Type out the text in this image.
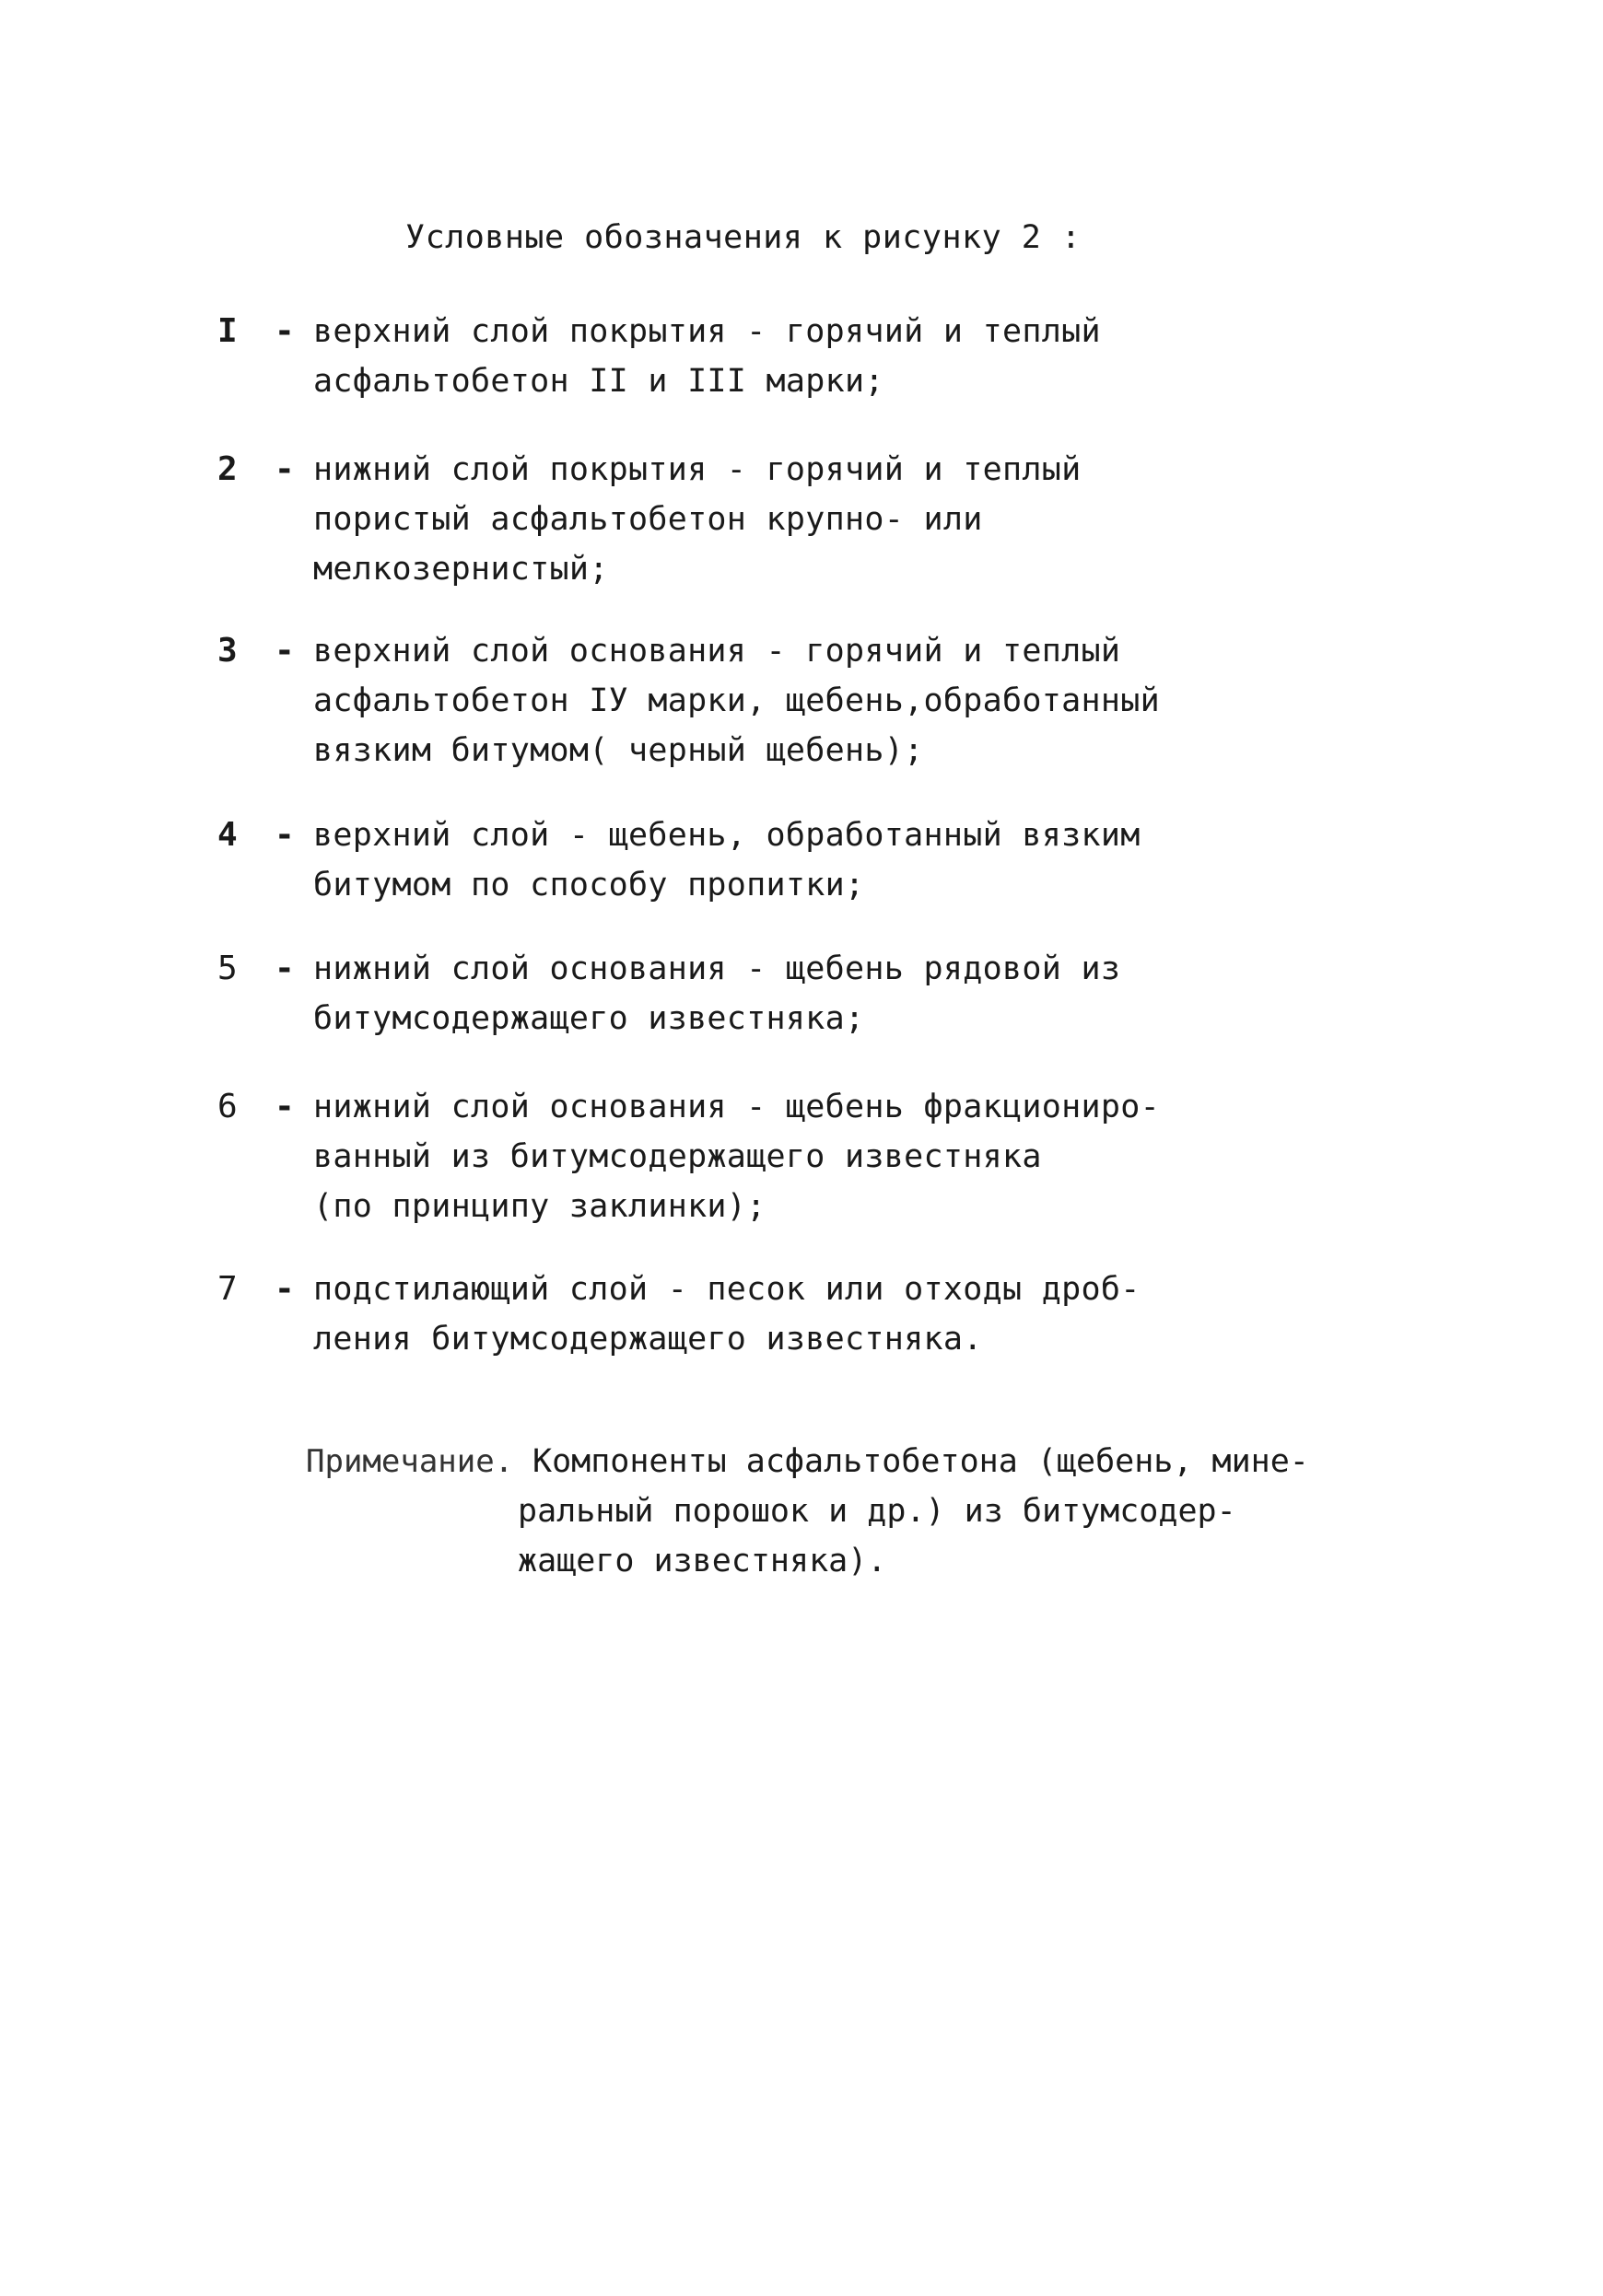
Условные обозначения к рисунку 2 :
I - верхний слой покрытия - горячий и теплый
асфальтобетон II и III марки;
2 - нижний слой покрытия - горячий и теплый
пористый асфальтобетон крупно- или
мелкозернистый;
3 - верхний слой основания - горячий и теплый
асфальтобетон IУ марки, щебень,обработанный
вязким битумом( черный щебень);
4 - верхний слой - щебень, обработанный вязким
битумом по способу пропитки;
5 - нижний слой основания - щебень рядовой из
битумсодержащего известняка;
6 - нижний слой основания - щебень фракциониро-
ванный из битумсодержащего известняка
(по принципу заклинки);
7 - подстилающий слой - песок или отходы дроб-
ления битумсодержащего известняка.
Примечание. Компоненты асфальтобетона (щебень, мине-
ральный порошок и др.) из битумсодер-
жащего известняка).
